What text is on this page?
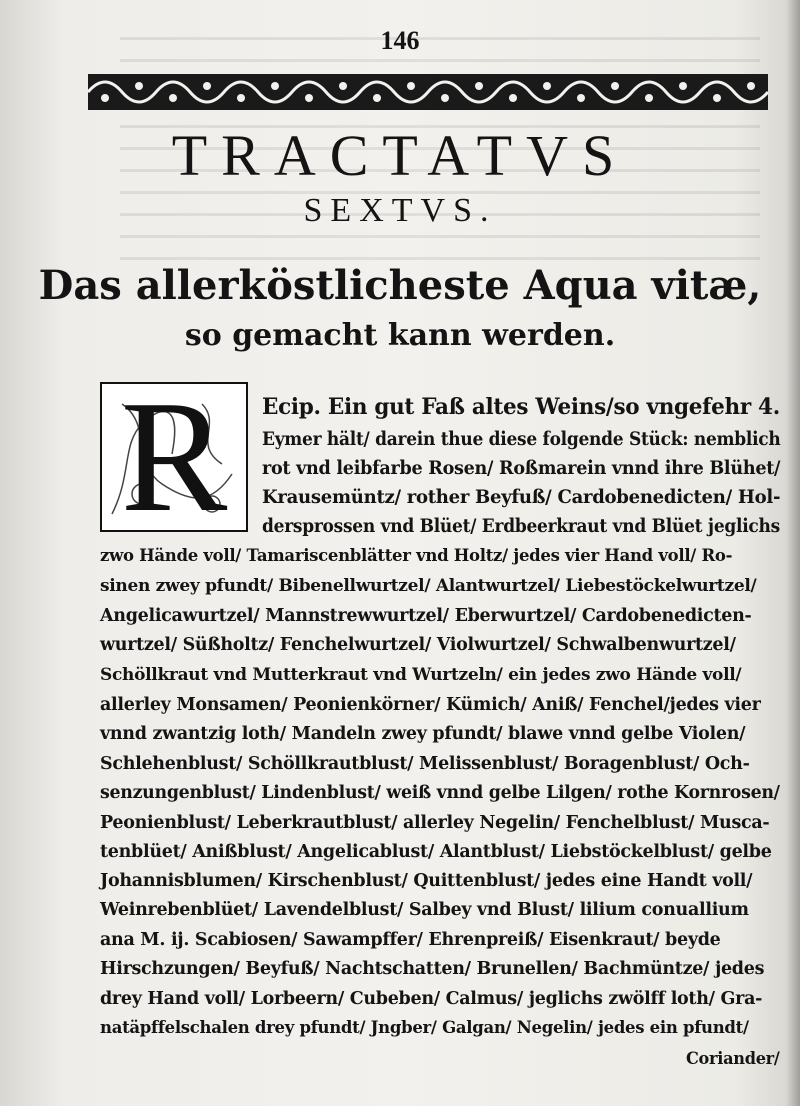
146
TRACTATVS
SEXTVS.
Das allerköstlicheste Aqua vitæ,
so gemacht kann werden.
R	Ecip. Ein gut Faß altes Weins/so vngefehr 4.
Eymer hält/ darein thue diese folgende Stück: nemblich
rot vnd leibfarbe Rosen/ Roßmarein vnnd ihre Blühet/
Krausemüntz/ rother Beyfuß/ Cardobenedicten/ Hol-
dersprossen vnd Blüet/ Erdbeerkraut vnd Blüet jeglichs
zwo Hände voll/ Tamariscenblätter vnd Holtz/ jedes vier Hand voll/ Ro-
sinen zwey pfundt/ Bibenellwurtzel/ Alantwurtzel/ Liebestöckelwurtzel/
Angelicawurtzel/ Mannstrewwurtzel/ Eberwurtzel/ Cardobenedicten-
wurtzel/ Süßholtz/ Fenchelwurtzel/ Violwurtzel/ Schwalbenwurtzel/
Schöllkraut vnd Mutterkraut vnd Wurtzeln/ ein jedes zwo Hände voll/
allerley Monsamen/ Peonienkörner/ Kümich/ Aniß/ Fenchel/jedes vier
vnnd zwantzig loth/ Mandeln zwey pfundt/ blawe vnnd gelbe Violen/
Schlehenblust/ Schöllkrautblust/ Melissenblust/ Boragenblust/ Och-
senzungenblust/ Lindenblust/ weiß vnnd gelbe Lilgen/ rothe Kornrosen/
Peonienblust/ Leberkrautblust/ allerley Negelin/ Fenchelblust/ Musca-
tenblüet/ Anißblust/ Angelicablust/ Alantblust/ Liebstöckelblust/ gelbe
Johannisblumen/ Kirschenblust/ Quittenblust/ jedes eine Handt voll/
Weinrebenblüet/ Lavendelblust/ Salbey vnd Blust/ lilium conuallium
ana M. ij. Scabiosen/ Sawampffer/ Ehrenpreiß/ Eisenkraut/ beyde
Hirschzungen/ Beyfuß/ Nachtschatten/ Brunellen/ Bachmüntze/ jedes
drey Hand voll/ Lorbeern/ Cubeben/ Calmus/ jeglichs zwölff loth/ Gra-
natäpffelschalen drey pfundt/ Jngber/ Galgan/ Negelin/ jedes ein pfundt/
Coriander/
